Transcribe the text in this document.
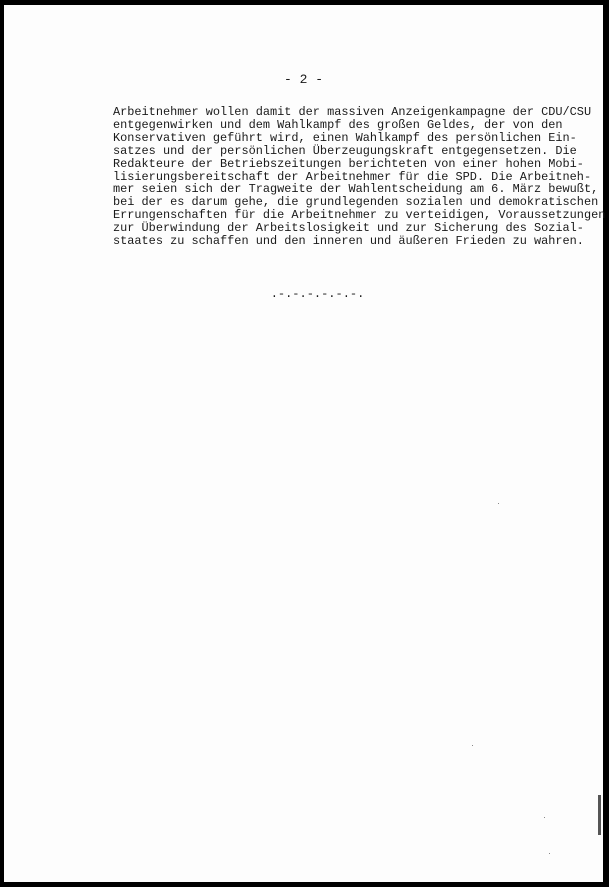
- 2 -

Arbeitnehmer wollen damit der massiven Anzeigenkampagne der CDU/CSU
entgegenwirken und dem Wahlkampf des großen Geldes, der von den
Konservativen geführt wird, einen Wahlkampf des persönlichen Ein-
satzes und der persönlichen Überzeugungskraft entgegensetzen. Die
Redakteure der Betriebszeitungen berichteten von einer hohen Mobi-
lisierungsbereitschaft der Arbeitnehmer für die SPD. Die Arbeitneh-
mer seien sich der Tragweite der Wahlentscheidung am 6. März bewußt,
bei der es darum gehe, die grundlegenden sozialen und demokratischen
Errungenschaften für die Arbeitnehmer zu verteidigen, Voraussetzungen
zur Überwindung der Arbeitslosigkeit und zur Sicherung des Sozial-
staates zu schaffen und den inneren und äußeren Frieden zu wahren.

.-.-.-.-.-.-.
